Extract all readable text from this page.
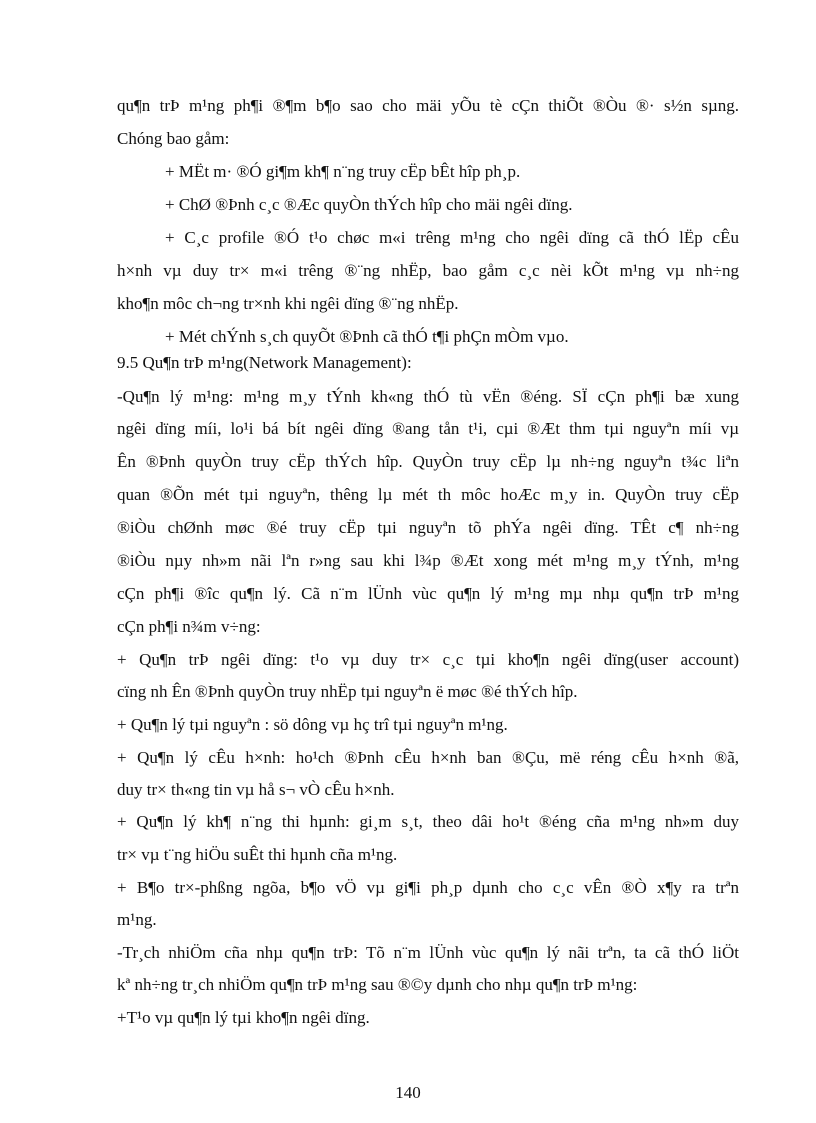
qu¶n trÞ m¹ng ph¶i ®¶m b¶o sao cho mäi yÕu tè cÇn thiÕt ®Òu ®· s½n sµng.
Chóng bao gåm:
+ MËt m· ®Ó gi¶m kh¶ n¨ng truy cËp bÊt hîp ph¸p.
+ ChØ ®Þnh c¸c ®Æc quyÒn thÝch hîp cho mäi ngêi dïng.
+ C¸c profile ®Ó t¹o chøc m«i trêng m¹ng cho ngêi dïng cã thÓ lËp cÊu
h×nh vµ duy tr× m«i trêng ®¨ng nhËp, bao gåm c¸c nèi kÕt m¹ng vµ nh÷ng
kho¶n môc ch¬ng tr×nh khi ngêi dïng ®¨ng nhËp.
+ Mét chÝnh s¸ch quyÕt ®Þnh cã thÓ t¶i phÇn mÒm vµo.
9.5 Qu¶n trÞ m¹ng(Network Management):
-Qu¶n lý m¹ng: m¹ng m¸y tÝnh kh«ng thÓ tù vËn ®éng. SÏ cÇn ph¶i bæ xung
ngêi dïng míi, lo¹i bá bít ngêi dïng ®ang tån t¹i, cµi ®Æt thm tµi nguyªn míi vµ
Ên ®Þnh quyÒn truy cËp thÝch hîp. QuyÒn truy cËp lµ nh÷ng nguyªn t¾c liªn
quan ®Õn mét tµi nguyªn, thêng lµ mét th môc hoÆc m¸y in. QuyÒn truy cËp
®iÒu chØnh møc ®é truy cËp tµi nguyªn tõ phÝa ngêi dïng. TÊt c¶ nh÷ng
®iÒu nµy nh»m nãi lªn r»ng sau khi l¾p ®Æt xong mét m¹ng m¸y tÝnh, m¹ng
cÇn ph¶i ®îc qu¶n lý. Cã n¨m lÜnh vùc qu¶n lý m¹ng mµ nhµ qu¶n trÞ m¹ng
cÇn ph¶i n¾m v÷ng:
+ Qu¶n trÞ ngêi dïng: t¹o vµ duy tr× c¸c tµi kho¶n ngêi dïng(user account)
cïng nh Ên ®Þnh quyÒn truy nhËp tµi nguyªn ë møc ®é thÝch hîp.
+ Qu¶n lý tµi nguyªn : sö dông vµ hç trî tµi nguyªn m¹ng.
+ Qu¶n lý cÊu h×nh: ho¹ch ®Þnh cÊu h×nh ban ®Çu, më réng cÊu h×nh ®ã,
duy tr× th«ng tin vµ hå s¬ vÒ cÊu h×nh.
+ Qu¶n lý kh¶ n¨ng thi hµnh: gi¸m s¸t, theo dâi ho¹t ®éng cña m¹ng nh»m duy
tr× vµ t¨ng hiÖu suÊt thi hµnh cña m¹ng.
+ B¶o tr×-phßng ngõa, b¶o vÖ vµ gi¶i ph¸p dµnh cho c¸c vÊn ®Ò x¶y ra trªn
m¹ng.
-Tr¸ch nhiÖm cña nhµ qu¶n trÞ: Tõ n¨m lÜnh vùc qu¶n lý nãi trªn, ta cã thÓ liÖt
kª nh÷ng tr¸ch nhiÖm qu¶n trÞ m¹ng sau ®©y dµnh cho nhµ qu¶n trÞ m¹ng:
+T¹o vµ qu¶n lý tµi kho¶n ngêi dïng.
140
